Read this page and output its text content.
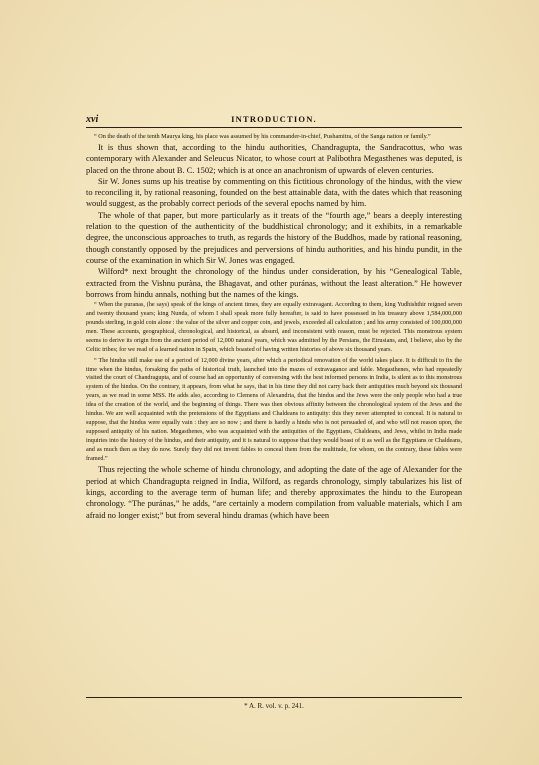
xvi	INTRODUCTION.

“ On the death of the tenth Maurya king, his place was assumed by his commander-in-chief, Pushamitra, of the Sanga nation or family.”

It is thus shown that, according to the hindu authorities, Chandragupta, the Sandracottus, who was contemporary with Alexander and Seleucus Nicator, to whose court at Palibothra Megasthenes was deputed, is placed on the throne about B. C. 1502; which is at once an anachronism of upwards of eleven centuries.

Sir W. Jones sums up his treatise by commenting on this fictitious chronology of the hindus, with the view to reconciling it, by rational reasoning, founded on the best attainable data, with the dates which that reasoning would suggest, as the probably correct periods of the several epochs named by him.

The whole of that paper, but more particularly as it treats of the “fourth age,” bears a deeply interesting relation to the question of the authenticity of the buddhistical chronology; and it exhibits, in a remarkable degree, the unconscious approaches to truth, as regards the history of the Buddhos, made by rational reasoning, though constantly opposed by the prejudices and perversions of hindu authorities, and his hindu pundit, in the course of the examination in which Sir W. Jones was engaged.

Wilford* next brought the chronology of the hindus under consideration, by his “Genealogical Table, extracted from the Vishnu puràna, the Bhagavat, and other puránas, without the least alteration.” He however borrows from hindu annals, nothing but the names of the kings.

“ When the puranas, (he says) speak of the kings of ancient times, they are equally extravagant. According to them, king Yudhishthir reigned seven and twenty thousand years; king Nunda, of whom I shall speak more fully hereafter, is said to have possessed in his treasury above 1,584,000,000 pounds sterling, in gold coin alone : the value of the silver and copper coin, and jewels, exceeded all calculation ; and his army consisted of 100,000,000 men. These accounts, geographical, chronological, and historical, as absurd, and inconsistent with reason, must be rejected. This monstrous system seems to derive its origin from the ancient period of 12,000 natural years, which was admitted by the Persians, the Etrusians, and, I believe, also by the Celtic tribes; for we read of a learned nation in Spain, which boasted of having written histories of above six thousand years.

“ The hindus still make use of a period of 12,000 divine years, after which a periodical renovation of the world takes place. It is difficult to fix the time when the hindus, forsaking the paths of historical truth, launched into the mazes of extravagance and fable. Megasthenes, who had repeatedly visited the court of Chandragupta, and of course had an opportunity of conversing with the best informed persons in India, is silent as to this monstrous system of the hindus. On the contrary, it appears, from what he says, that in his time they did not carry back their antiquities much beyond six thousand years, as we read in some MSS. He adds also, according to Clemens of Alexandria, that the hindus and the Jews were the only people who had a true idea of the creation of the world, and the beginning of things. There was then obvious affinity between the chronological system of the Jews and the hindus. We are well acquainted with the pretensions of the Egyptians and Chaldeans to antiquity: this they never attempted to conceal. It is natural to suppose, that the hindus were equally vain : they are so now ; and there is hardly a hindu who is not persuaded of, and who will not reason upon, the supposed antiquity of his nation. Megasthenes, who was acquainted with the antiquities of the Egyptians, Chaldeans, and Jews, whilst in India made inquiries into the history of the hindus, and their antiquity, and it is natural to suppose that they would boast of it as well as the Egyptians or Chaldeans, and as much then as they do now. Surely they did not invent fables to conceal them from the multitude, for whom, on the contrary, these fables were framed.”

Thus rejecting the whole scheme of hindu chronology, and adopting the date of the age of Alexander for the period at which Chandragupta reigned in India, Wilford, as regards chronology, simply tabularizes his list of kings, according to the average term of human life; and thereby approximates the hindu to the European chronology. “The puránas,” he adds, “are certainly a modern compilation from valuable materials, which I am afraid no longer exist;” but from several hindu dramas (which have been

* A. R. vol. v. p. 241.
